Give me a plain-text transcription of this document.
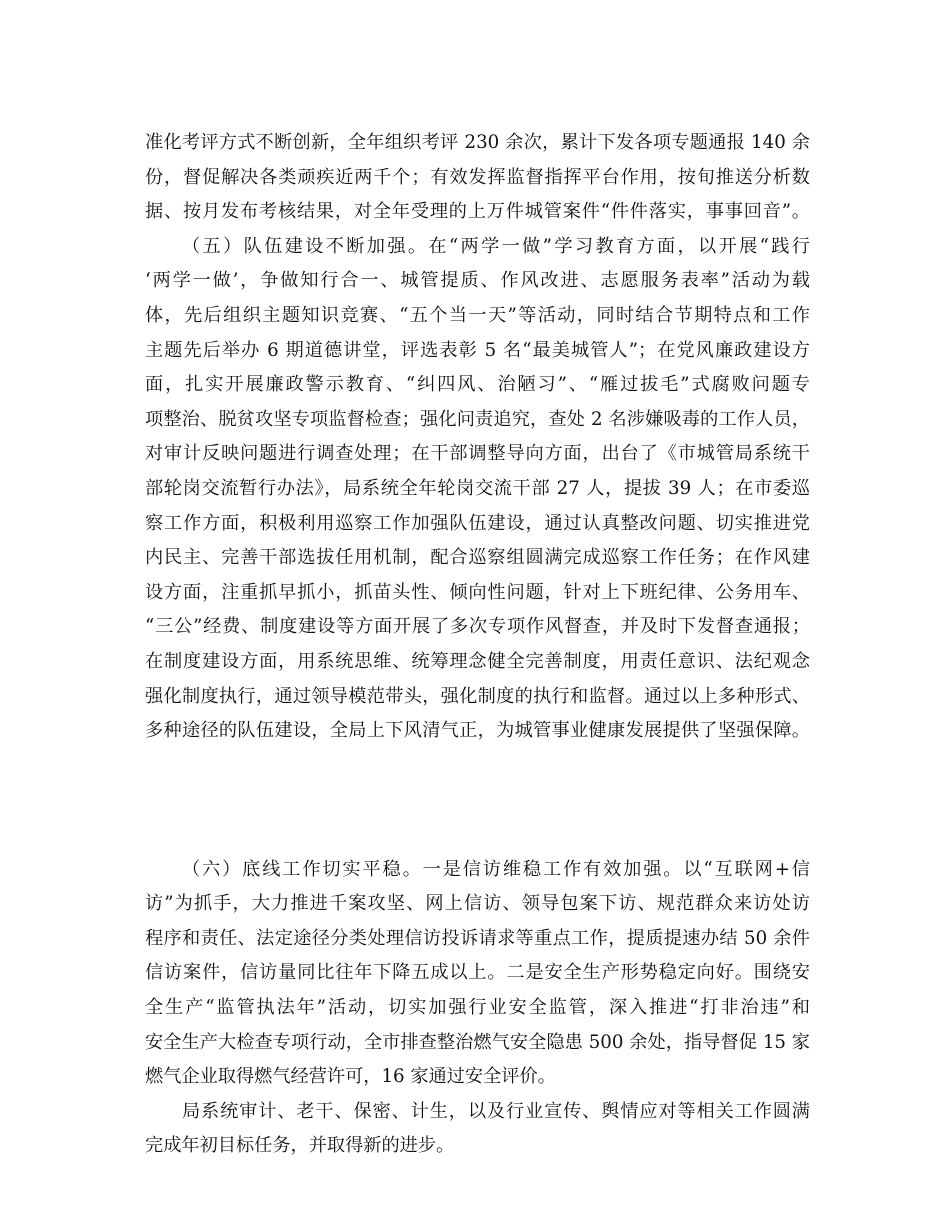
准化考评方式不断创新，全年组织考评 230 余次，累计下发各项专题通报 140 余
份，督促解决各类顽疾近两千个；有效发挥监督指挥平台作用，按旬推送分析数
据、按月发布考核结果，对全年受理的上万件城管案件“件件落实，事事回音”。
（五）队伍建设不断加强。在“两学一做”学习教育方面，以开展“践行
‘两学一做’，争做知行合一、城管提质、作风改进、志愿服务表率”活动为载
体，先后组织主题知识竞赛、“五个当一天”等活动，同时结合节期特点和工作
主题先后举办 6 期道德讲堂，评选表彰 5 名“最美城管人”；在党风廉政建设方
面，扎实开展廉政警示教育、“纠四风、治陋习”、“雁过拔毛”式腐败问题专
项整治、脱贫攻坚专项监督检查；强化问责追究，查处 2 名涉嫌吸毒的工作人员，
对审计反映问题进行调查处理；在干部调整导向方面，出台了《市城管局系统干
部轮岗交流暂行办法》，局系统全年轮岗交流干部 27 人，提拔 39 人；在市委巡
察工作方面，积极利用巡察工作加强队伍建设，通过认真整改问题、切实推进党
内民主、完善干部选拔任用机制，配合巡察组圆满完成巡察工作任务；在作风建
设方面，注重抓早抓小，抓苗头性、倾向性问题，针对上下班纪律、公务用车、
“三公”经费、制度建设等方面开展了多次专项作风督查，并及时下发督查通报；
在制度建设方面，用系统思维、统筹理念健全完善制度，用责任意识、法纪观念
强化制度执行，通过领导模范带头，强化制度的执行和监督。通过以上多种形式、
多种途径的队伍建设，全局上下风清气正，为城管事业健康发展提供了坚强保障。
（六）底线工作切实平稳。一是信访维稳工作有效加强。以“互联网+信
访”为抓手，大力推进千案攻坚、网上信访、领导包案下访、规范群众来访处访
程序和责任、法定途径分类处理信访投诉请求等重点工作，提质提速办结 50 余件
信访案件，信访量同比往年下降五成以上。二是安全生产形势稳定向好。围绕安
全生产“监管执法年”活动，切实加强行业安全监管，深入推进“打非治违”和
安全生产大检查专项行动，全市排查整治燃气安全隐患 500 余处，指导督促 15 家
燃气企业取得燃气经营许可，16 家通过安全评价。
局系统审计、老干、保密、计生，以及行业宣传、舆情应对等相关工作圆满
完成年初目标任务，并取得新的进步。
